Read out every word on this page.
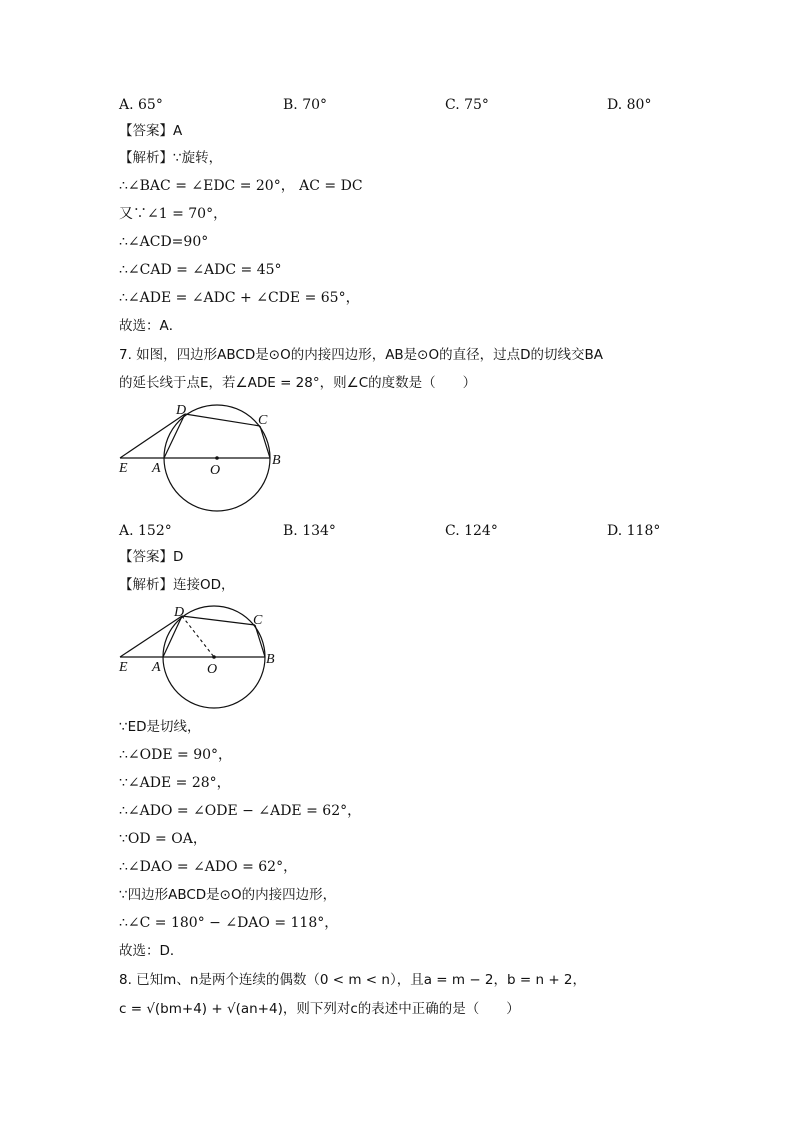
A. 65°	B. 70°	C. 75°	D. 80°
【答案】A
【解析】∵旋转，
∴∠BAC = ∠EDC = 20°， AC = DC
又∵∠1 = 70°，
∴∠ACD=90°
∴∠CAD = ∠ADC = 45°
∴∠ADE = ∠ADC + ∠CDE = 65°，
故选：A．
7. 如图，四边形ABCD是⊙O的内接四边形，AB是⊙O的直径，过点D的切线交BA
的延长线于点E，若∠ADE = 28°，则∠C的度数是（　　）
D
C
E A	O
B
A. 152°	B. 134°	C. 124°	D. 118°
【答案】D
【解析】连接OD，
D
C
E A	O
B
∵ED是切线，
∴∠ODE = 90°，
∵∠ADE = 28°，
∴∠ADO = ∠ODE − ∠ADE = 62°，
∵OD = OA，
∴∠DAO = ∠ADO = 62°，
∵四边形ABCD是⊙O的内接四边形，
∴∠C = 180° − ∠DAO = 118°，
故选：D．
8. 已知m、n是两个连续的偶数（0 < m < n），且a = m − 2，b = n + 2，
c = √(bm+4) + √(an+4)，则下列对c的表述中正确的是（　　）
